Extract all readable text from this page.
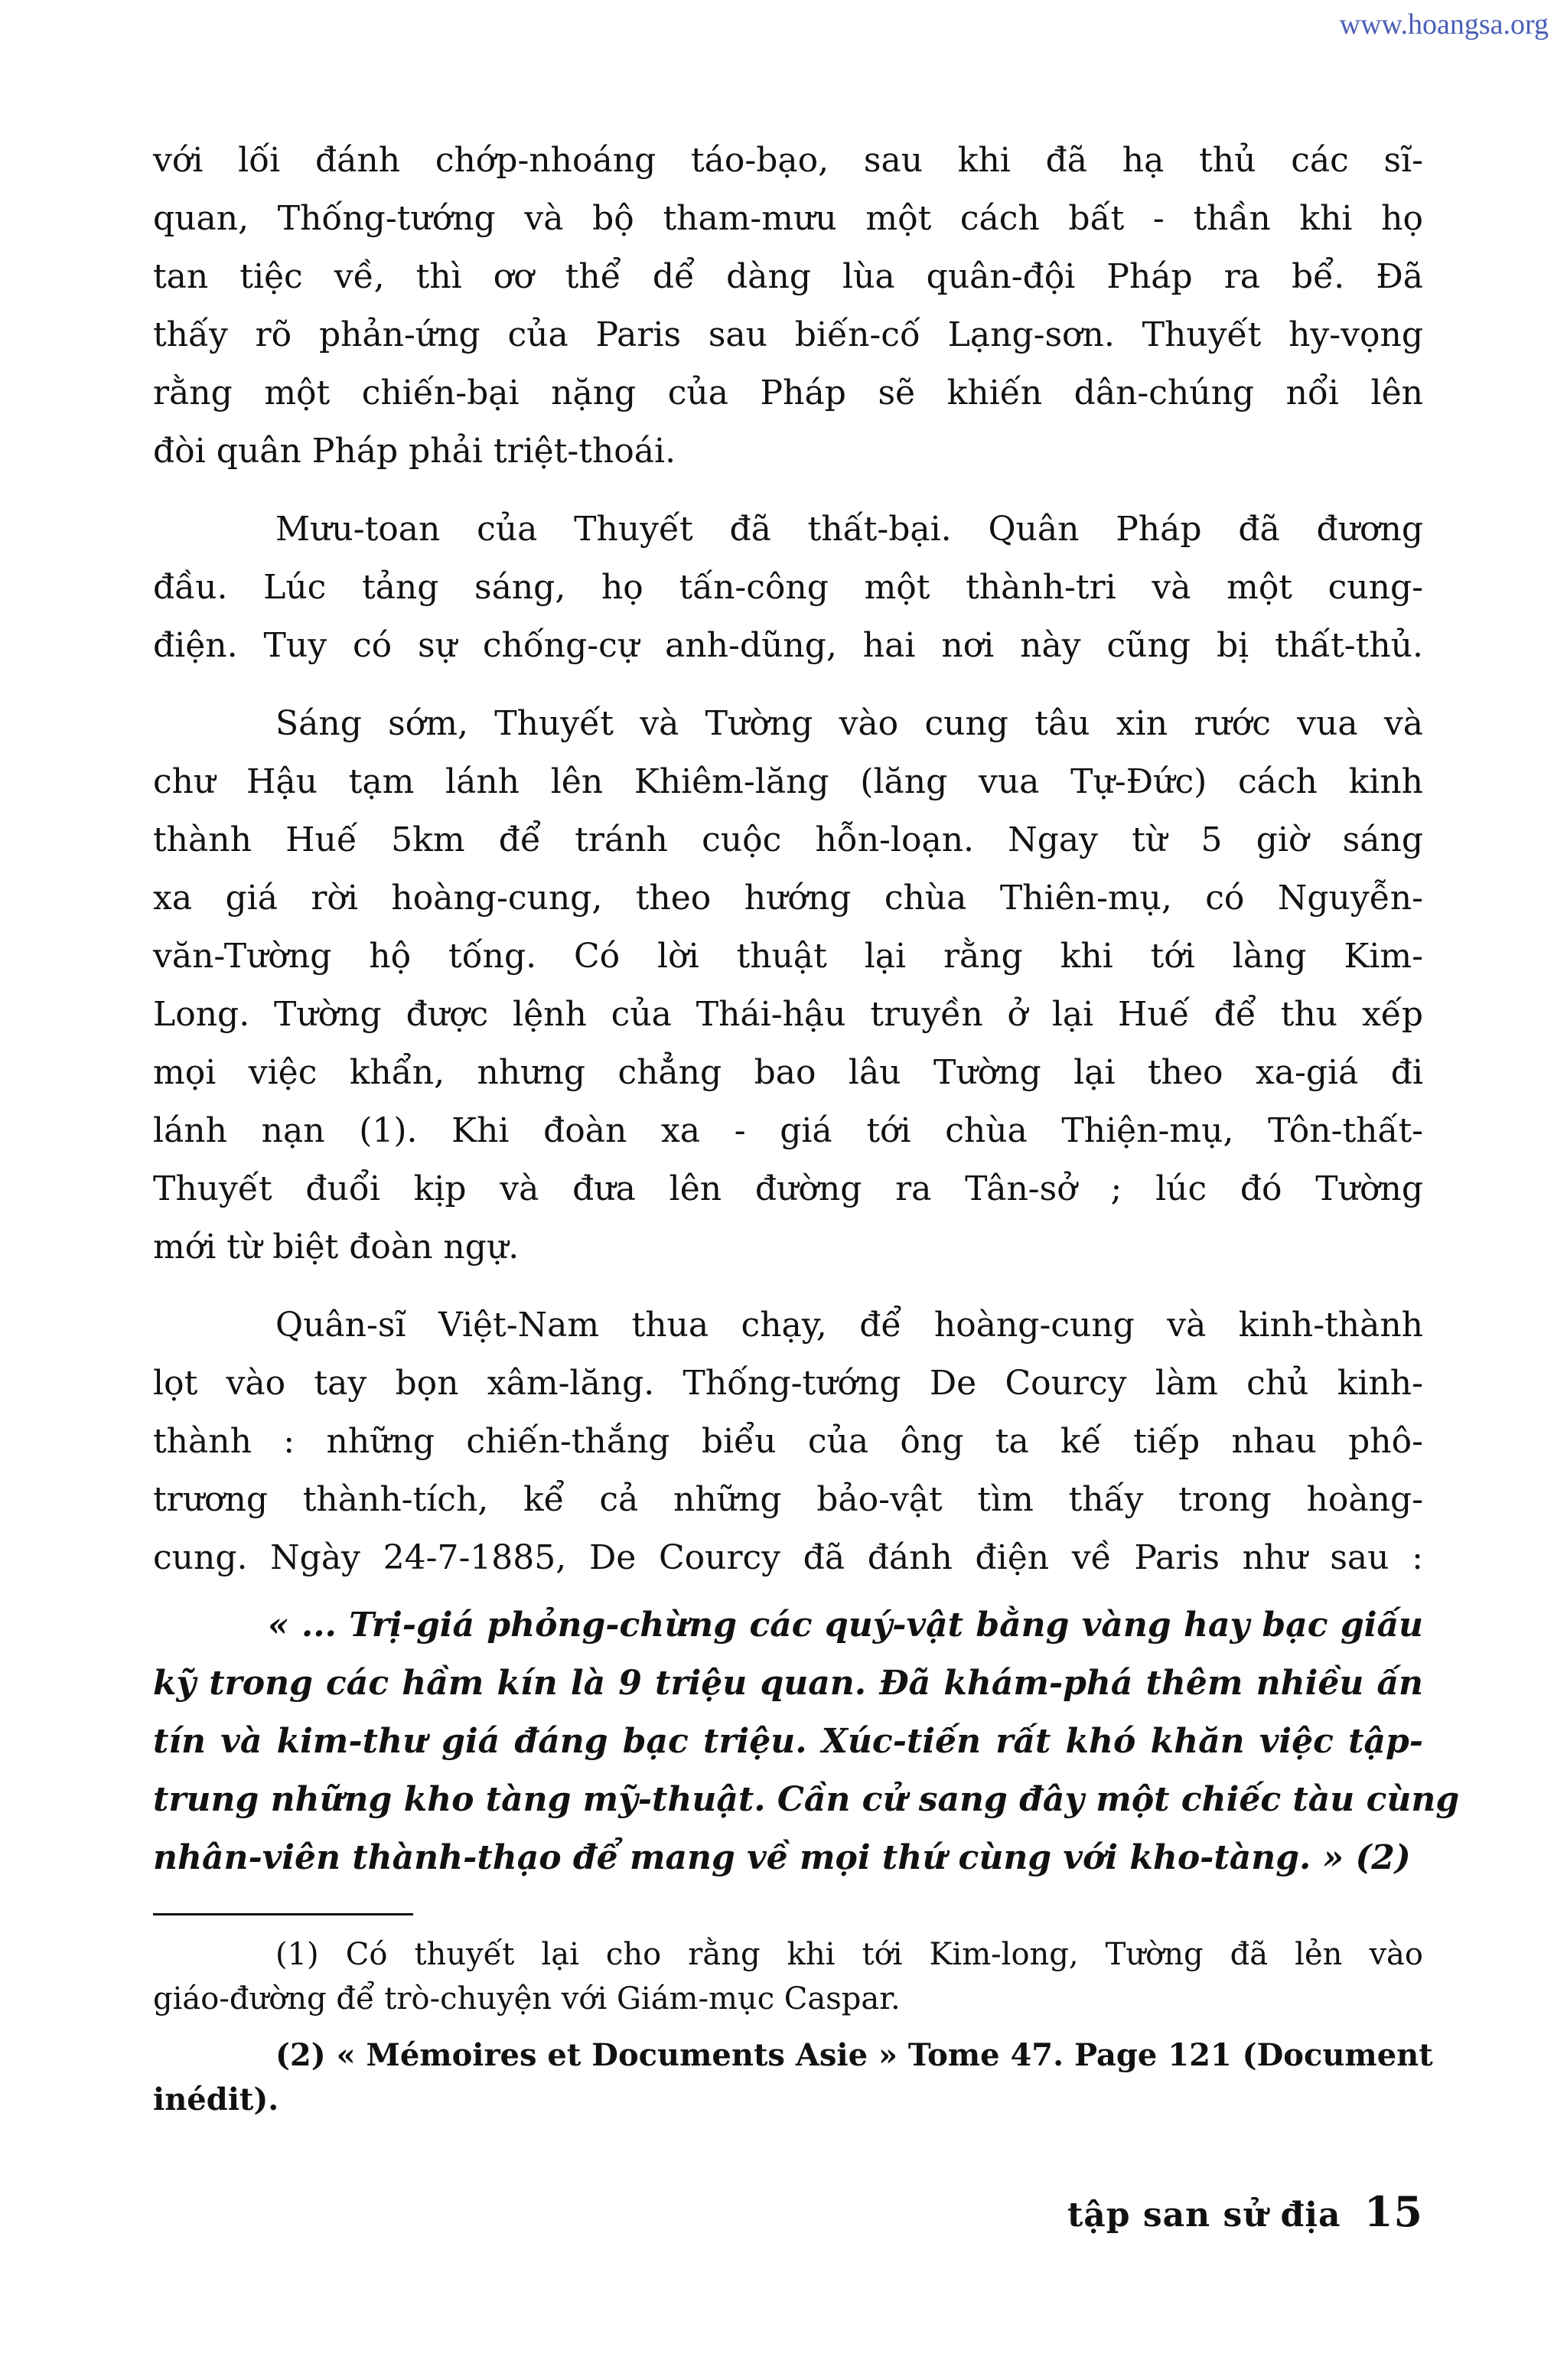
www.hoangsa.org

với lối đánh chớp-nhoáng táo-bạo, sau khi đã hạ thủ các sĩ-
quan, Thống-tướng và bộ tham-mưu một cách bất - thần khi họ
tan tiệc về, thì ơơ thể dể dàng lùa quân-đội Pháp ra bể. Đã
thấy rõ phản-ứng của Paris sau biến-cố Lạng-sơn. Thuyết hy-vọng
rằng một chiến-bại nặng của Pháp sẽ khiến dân-chúng nổi lên
đòi quân Pháp phải triệt-thoái.

Mưu-toan của Thuyết đã thất-bại. Quân Pháp đã đương
đầu. Lúc tảng sáng, họ tấn-công một thành-tri và một cung-
điện. Tuy có sự chống-cự anh-dũng, hai nơi này cũng bị thất-thủ.

Sáng sớm, Thuyết và Tường vào cung tâu xin rước vua và
chư Hậu tạm lánh lên Khiêm-lăng (lăng vua Tự-Đức) cách kinh
thành Huế 5km để tránh cuộc hỗn-loạn. Ngay từ 5 giờ sáng
xa giá rời hoàng-cung, theo hướng chùa Thiên-mụ, có Nguyễn-
văn-Tường hộ tống. Có lời thuật lại rằng khi tới làng Kim-
Long. Tường được lệnh của Thái-hậu truyền ở lại Huế để thu xếp
mọi việc khẩn, nhưng chẳng bao lâu Tường lại theo xa-giá đi
lánh nạn (1). Khi đoàn xa - giá tới chùa Thiện-mụ, Tôn-thất-
Thuyết đuổi kịp và đưa lên đường ra Tân-sở ; lúc đó Tường
mới từ biệt đoàn ngự.

Quân-sĩ Việt-Nam thua chạy, để hoàng-cung và kinh-thành
lọt vào tay bọn xâm-lăng. Thống-tướng De Courcy làm chủ kinh-
thành : những chiến-thắng biểu của ông ta kế tiếp nhau phô-
trương thành-tích, kể cả những bảo-vật tìm thấy trong hoàng-
cung. Ngày 24-7-1885, De Courcy đã đánh điện về Paris như sau :

« ... Trị-giá phỏng-chừng các quý-vật bằng vàng hay bạc giấu
kỹ trong các hầm kín là 9 triệu quan. Đã khám-phá thêm nhiều ấn
tín và kim-thư giá đáng bạc triệu. Xúc-tiến rất khó khăn việc tập-
trung những kho tàng mỹ-thuật. Cần cử sang đây một chiếc tàu cùng
nhân-viên thành-thạo để mang về mọi thứ cùng với kho-tàng. » (2)

(1) Có thuyết lại cho rằng khi tới Kim-long, Tường đã lẻn vào
giáo-đường để trò-chuyện với Giám-mục Caspar.

(2) « Mémoires et Documents Asie » Tome 47. Page 121 (Document
inédit).

tập san sử địa 15
